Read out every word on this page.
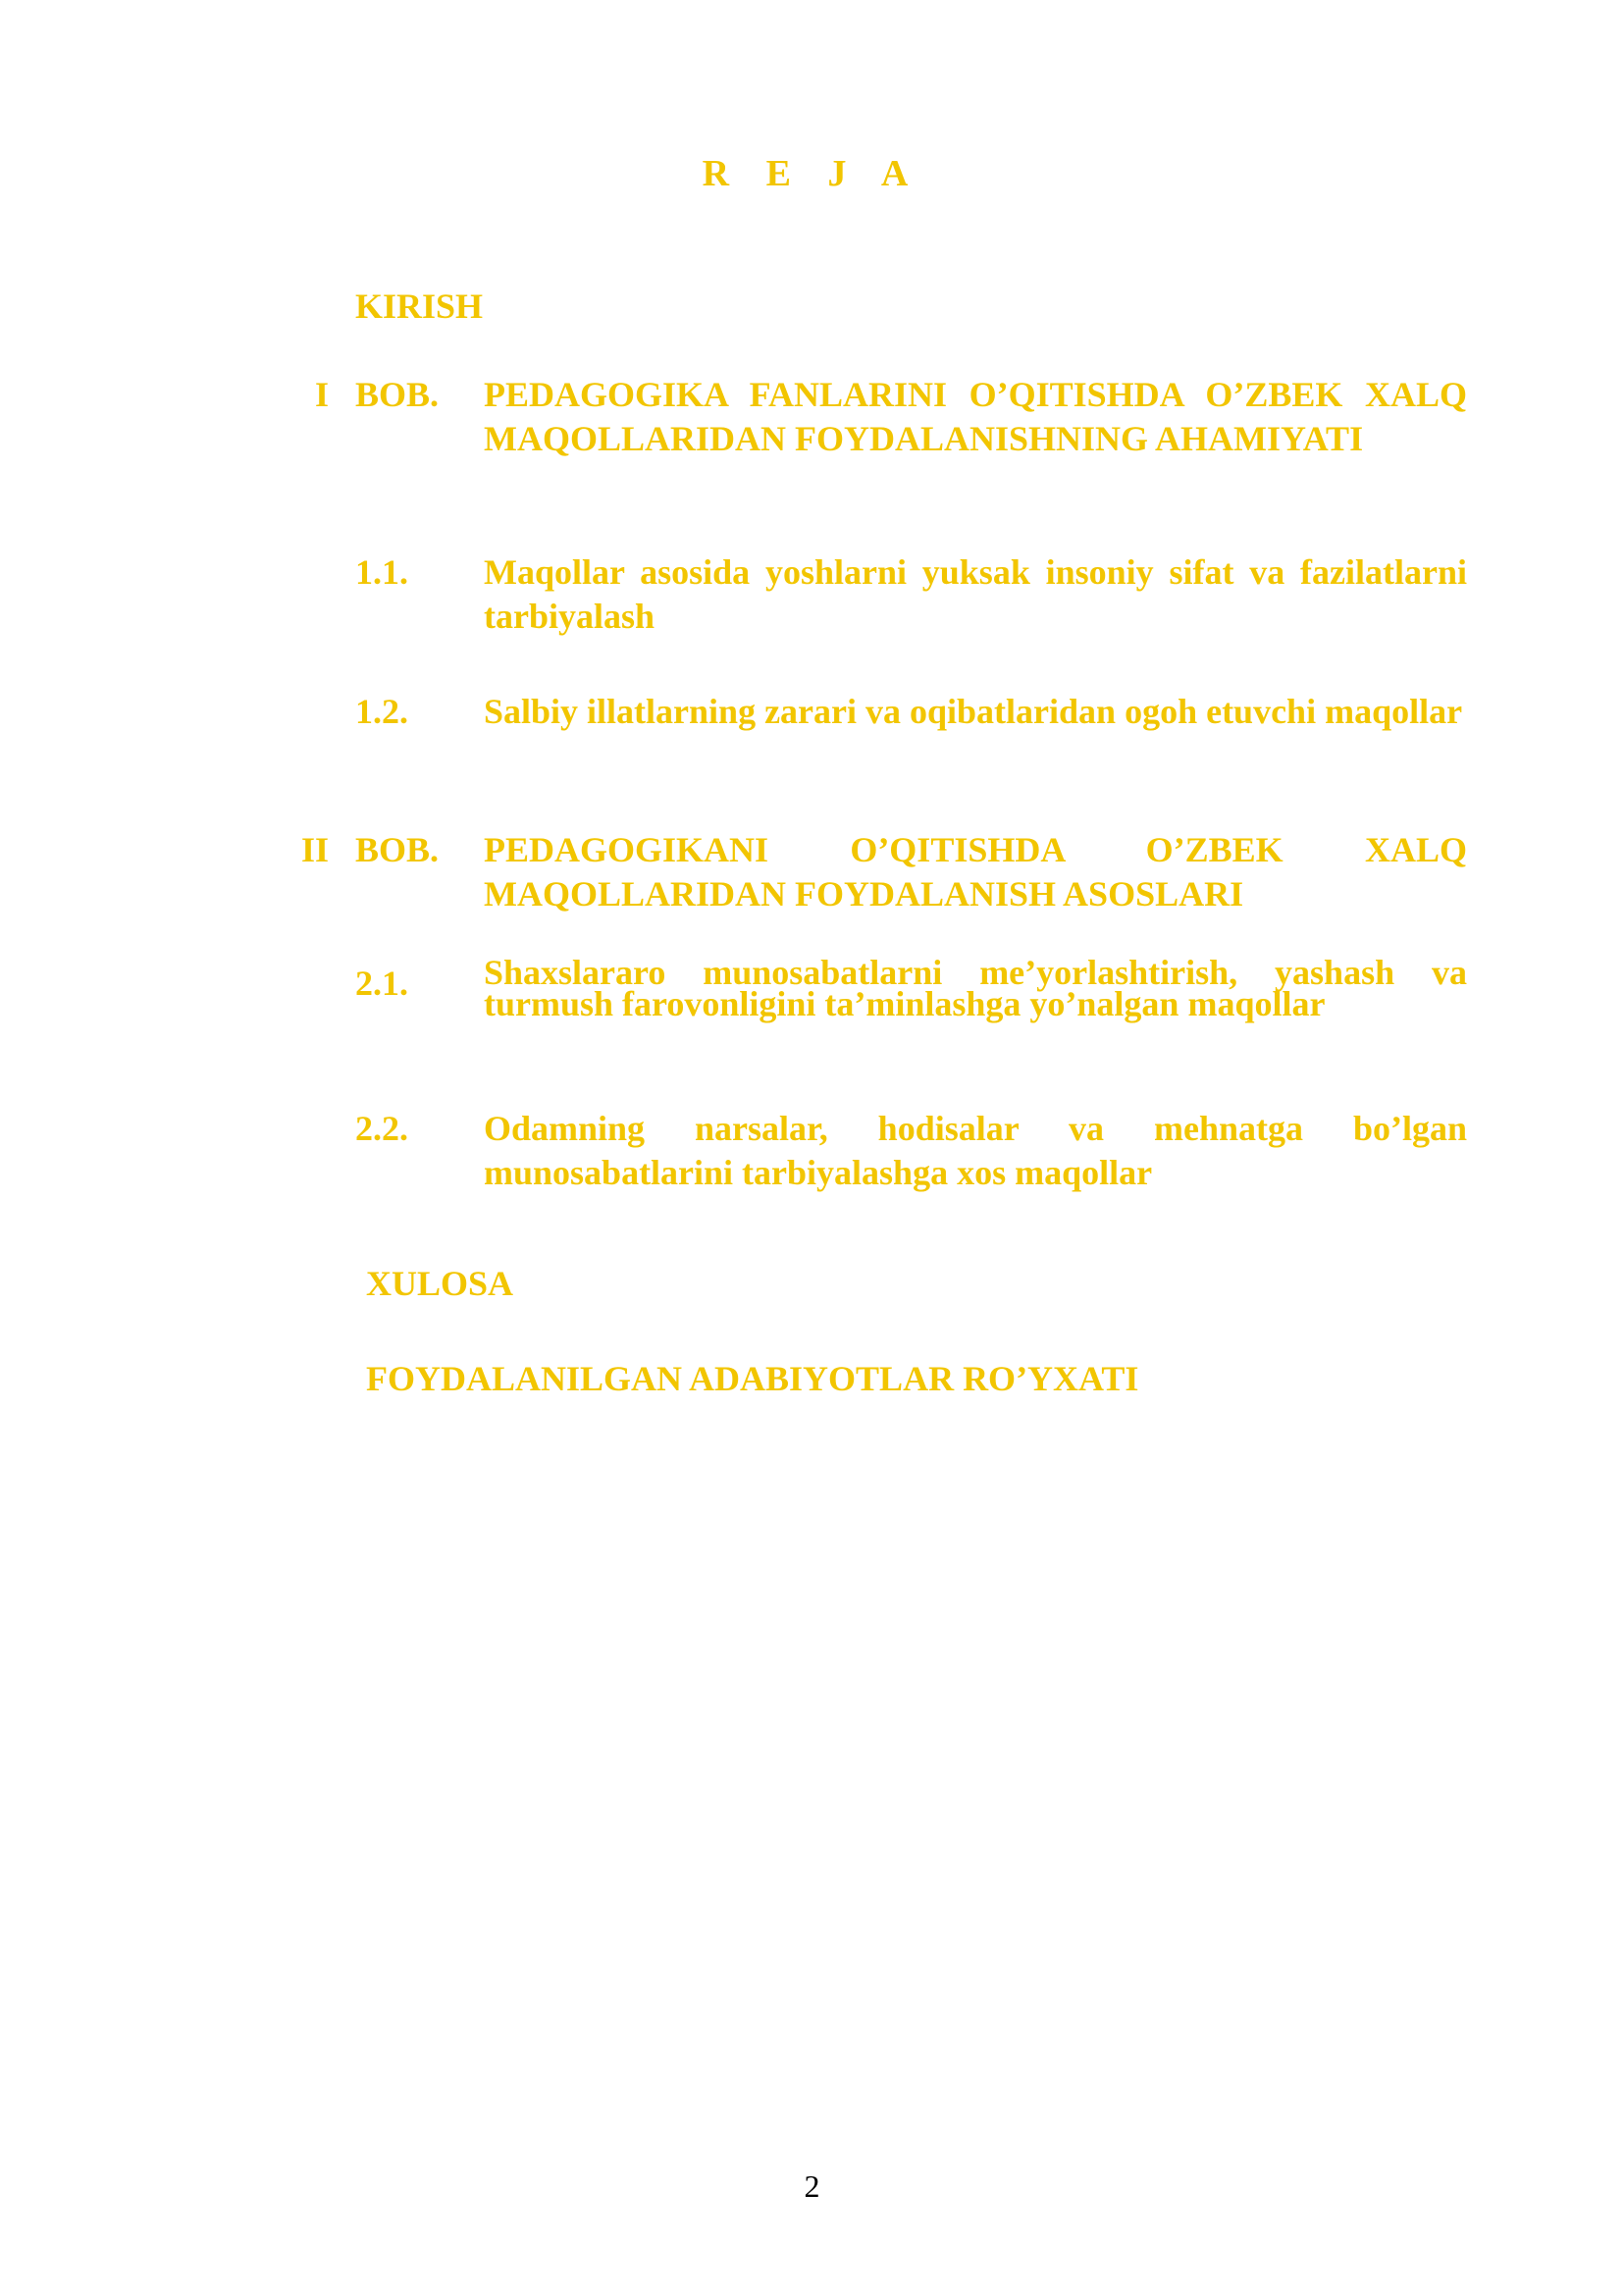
R E J A
KIRISH
I BOB. PEDAGOGIKA FANLARINI O’QITISHDA O’ZBEK XALQ MAQOLLARIDAN FOYDALANISHNING AHAMIYATI
1.1. Maqollar asosida yoshlarni yuksak insoniy sifat va fazilatlarni tarbiyalash
1.2. Salbiy illatlarning zarari va oqibatlaridan ogoh etuvchi maqollar
II BOB. PEDAGOGIKANI O’QITISHDA O’ZBEK XALQ MAQOLLARIDAN FOYDALANISH ASOSLARI
2.1. Shaxslararo munosabatlarni me’yorlashtirish, yashash va turmush farovonligini ta’minlashga yo’nalgan maqollar
2.2. Odamning narsalar, hodisalar va mehnatga bo’lgan munosabatlarini tarbiyalashga xos maqollar
XULOSA
FOYDALANILGAN ADABIYOTLAR RO’YXATI
2
